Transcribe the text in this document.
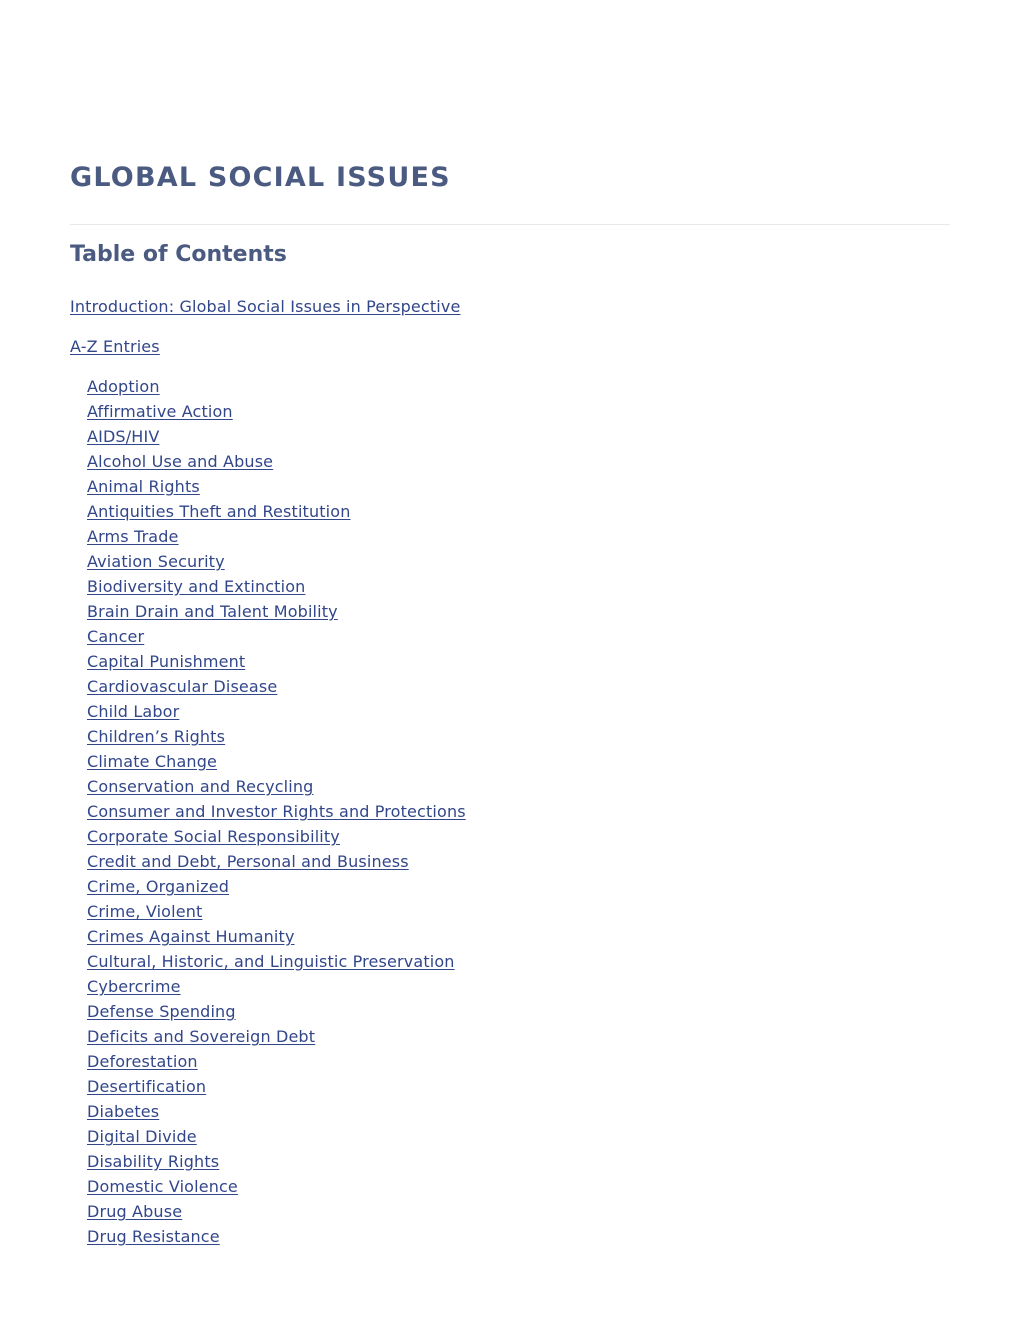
GLOBAL SOCIAL ISSUES
Table of Contents
Introduction: Global Social Issues in Perspective
A-Z Entries
Adoption
Affirmative Action
AIDS/HIV
Alcohol Use and Abuse
Animal Rights
Antiquities Theft and Restitution
Arms Trade
Aviation Security
Biodiversity and Extinction
Brain Drain and Talent Mobility
Cancer
Capital Punishment
Cardiovascular Disease
Child Labor
Children’s Rights
Climate Change
Conservation and Recycling
Consumer and Investor Rights and Protections
Corporate Social Responsibility
Credit and Debt, Personal and Business
Crime, Organized
Crime, Violent
Crimes Against Humanity
Cultural, Historic, and Linguistic Preservation
Cybercrime
Defense Spending
Deficits and Sovereign Debt
Deforestation
Desertification
Diabetes
Digital Divide
Disability Rights
Domestic Violence
Drug Abuse
Drug Resistance
